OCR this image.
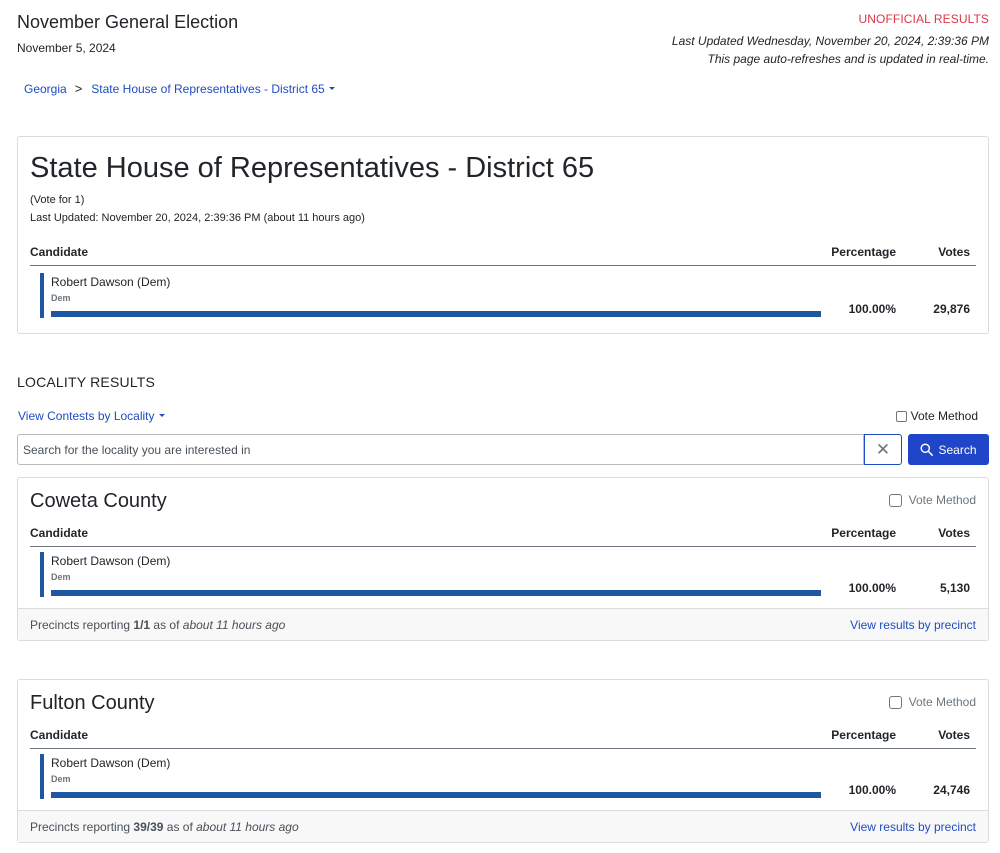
November General Election
November 5, 2024
UNOFFICIAL RESULTS
Last Updated Wednesday, November 20, 2024, 2:39:36 PM
This page auto-refreshes and is updated in real-time.
Georgia > State House of Representatives - District 65
State House of Representatives - District 65
(Vote for 1)
Last Updated: November 20, 2024, 2:39:36 PM (about 11 hours ago)
Candidate	Percentage	Votes
Robert Dawson (Dem)
Dem
100.00%	29,876
LOCALITY RESULTS
View Contests by Locality	Vote Method
Search for the locality you are interested in
✕	Search
Coweta County	Vote Method
Candidate	Percentage	Votes
Robert Dawson (Dem)
Dem
100.00%	5,130
Precincts reporting 1/1 as of about 11 hours ago	View results by precinct
Fulton County	Vote Method
Candidate	Percentage	Votes
Robert Dawson (Dem)
Dem
100.00%	24,746
Precincts reporting 39/39 as of about 11 hours ago	View results by precinct
